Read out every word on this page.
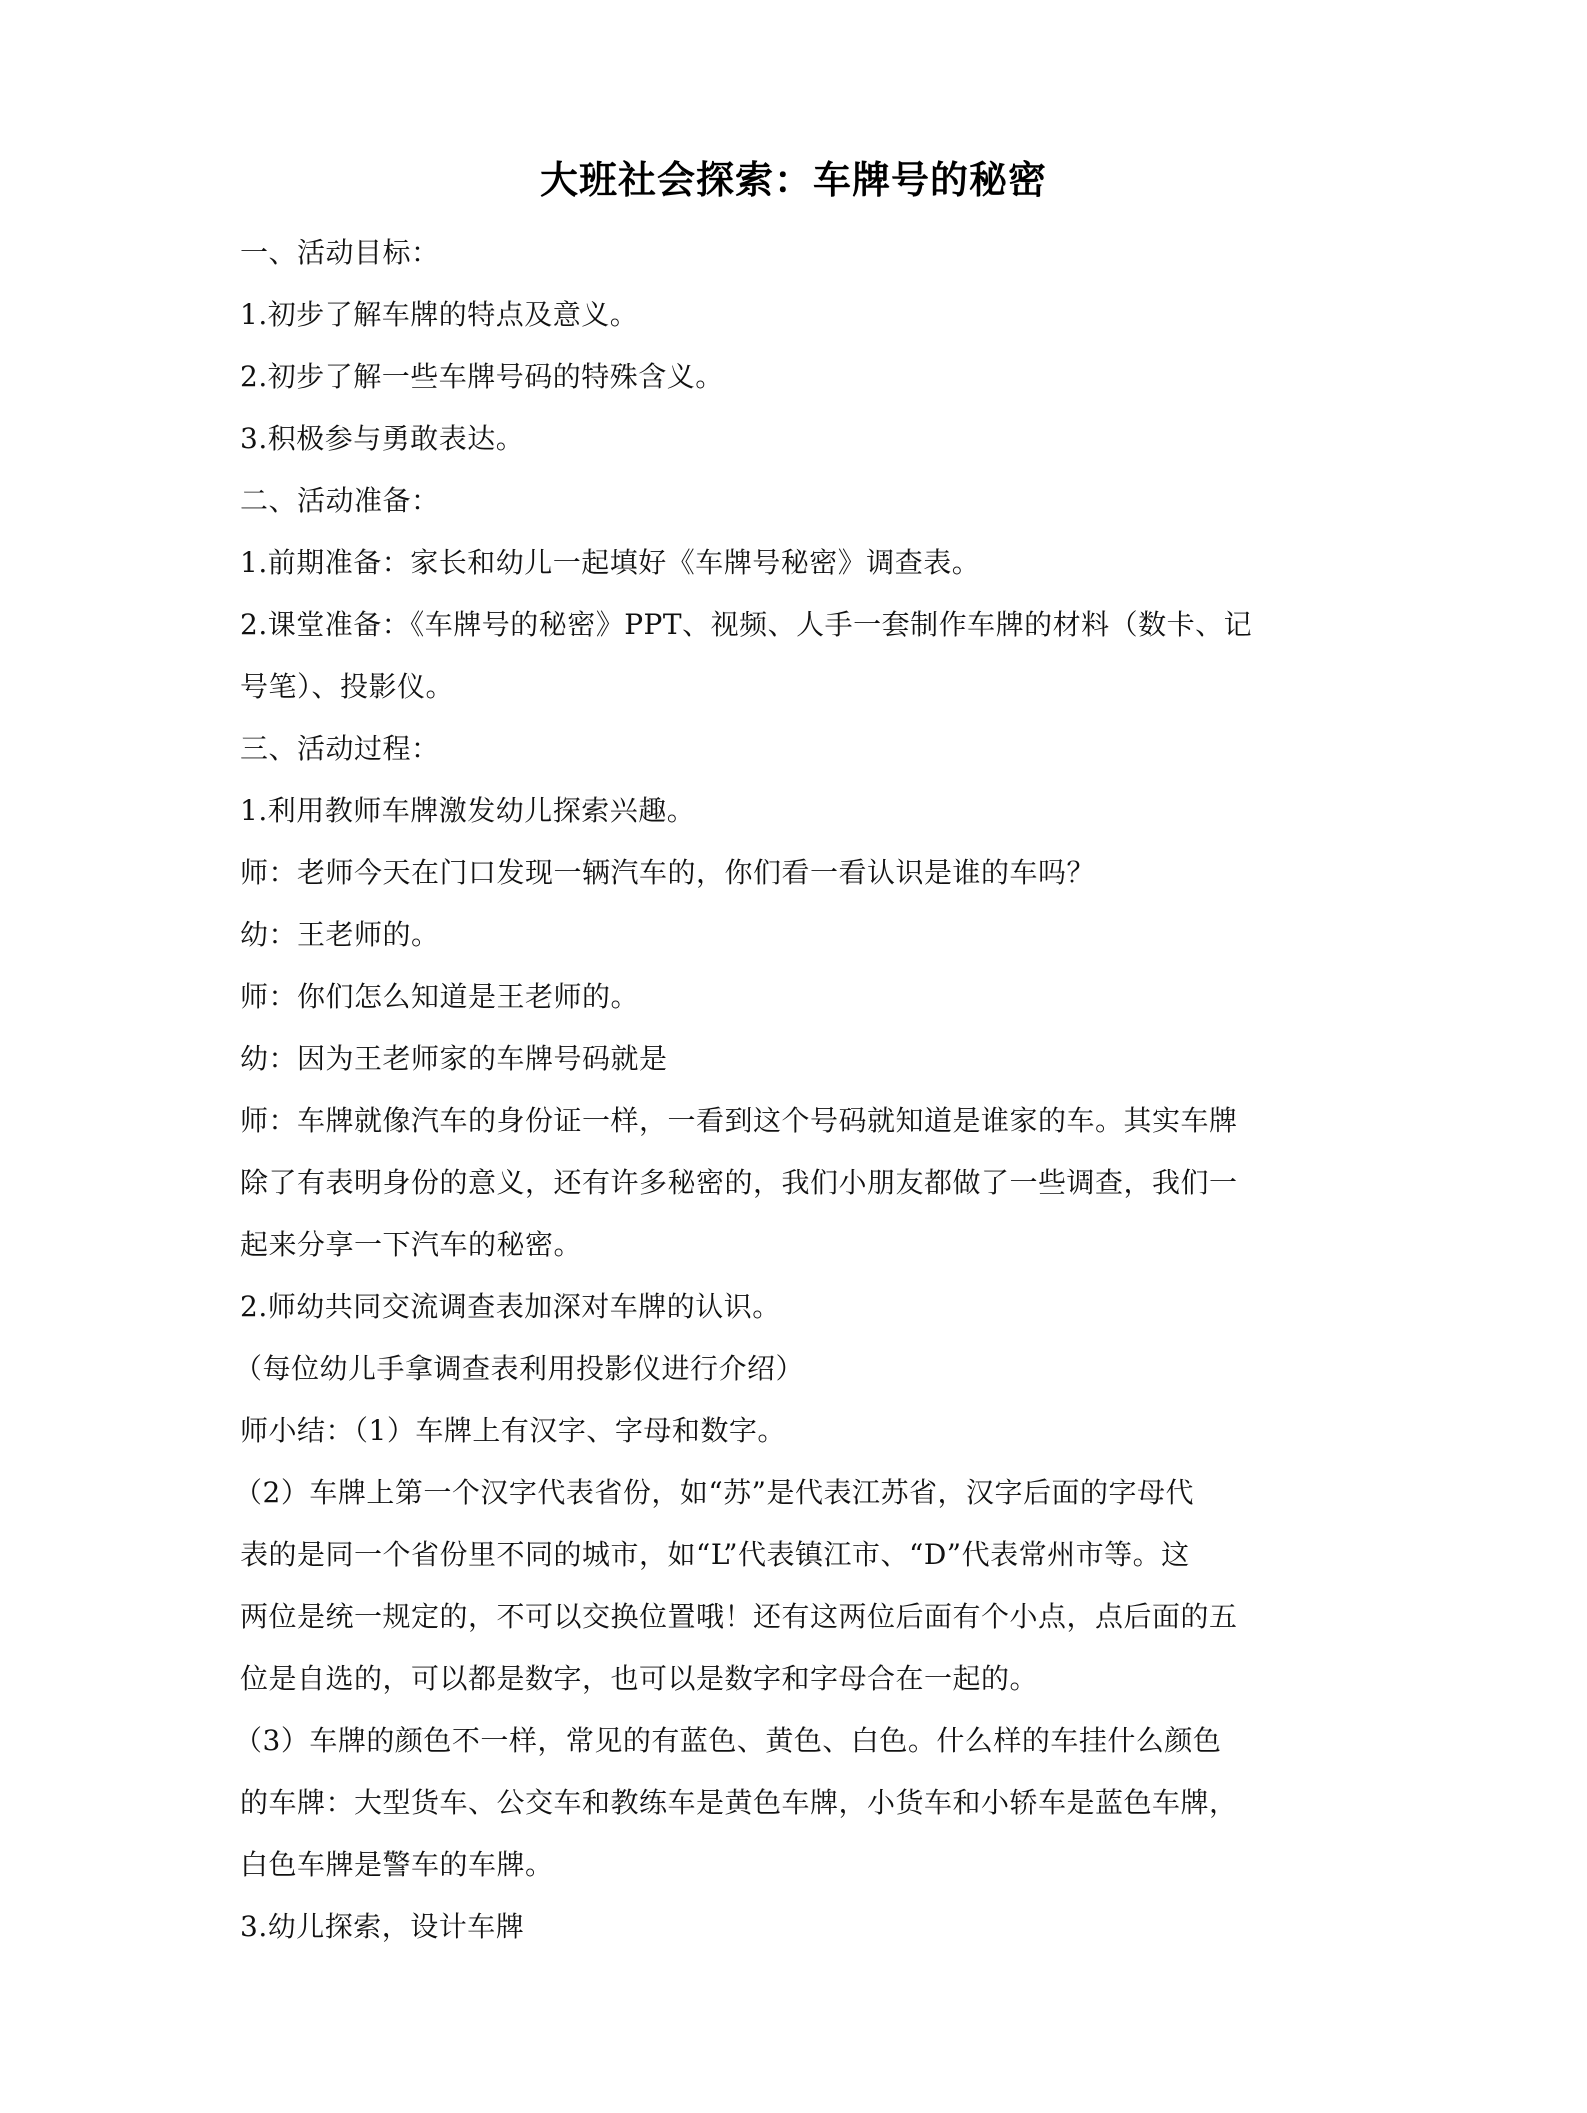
大班社会探索：车牌号的秘密
一、活动目标：
1.初步了解车牌的特点及意义。
2.初步了解一些车牌号码的特殊含义。
3.积极参与勇敢表达。
二、活动准备：
1.前期准备：家长和幼儿一起填好《车牌号秘密》调查表。
2.课堂准备：《车牌号的秘密》PPT、视频、人手一套制作车牌的材料（数卡、记
号笔）、投影仪。
三、活动过程：
1.利用教师车牌激发幼儿探索兴趣。
师：老师今天在门口发现一辆汽车的，你们看一看认识是谁的车吗？
幼：王老师的。
师：你们怎么知道是王老师的。
幼：因为王老师家的车牌号码就是
师：车牌就像汽车的身份证一样，一看到这个号码就知道是谁家的车。其实车牌
除了有表明身份的意义，还有许多秘密的，我们小朋友都做了一些调查，我们一
起来分享一下汽车的秘密。
2.师幼共同交流调查表加深对车牌的认识。
（每位幼儿手拿调查表利用投影仪进行介绍）
师小结：（1）车牌上有汉字、字母和数字。
（2）车牌上第一个汉字代表省份，如“苏”是代表江苏省，汉字后面的字母代
表的是同一个省份里不同的城市，如“L”代表镇江市、“D”代表常州市等。这
两位是统一规定的，不可以交换位置哦！还有这两位后面有个小点，点后面的五
位是自选的，可以都是数字，也可以是数字和字母合在一起的。
（3）车牌的颜色不一样，常见的有蓝色、黄色、白色。什么样的车挂什么颜色
的车牌：大型货车、公交车和教练车是黄色车牌，小货车和小轿车是蓝色车牌，
白色车牌是警车的车牌。
3.幼儿探索，设计车牌
